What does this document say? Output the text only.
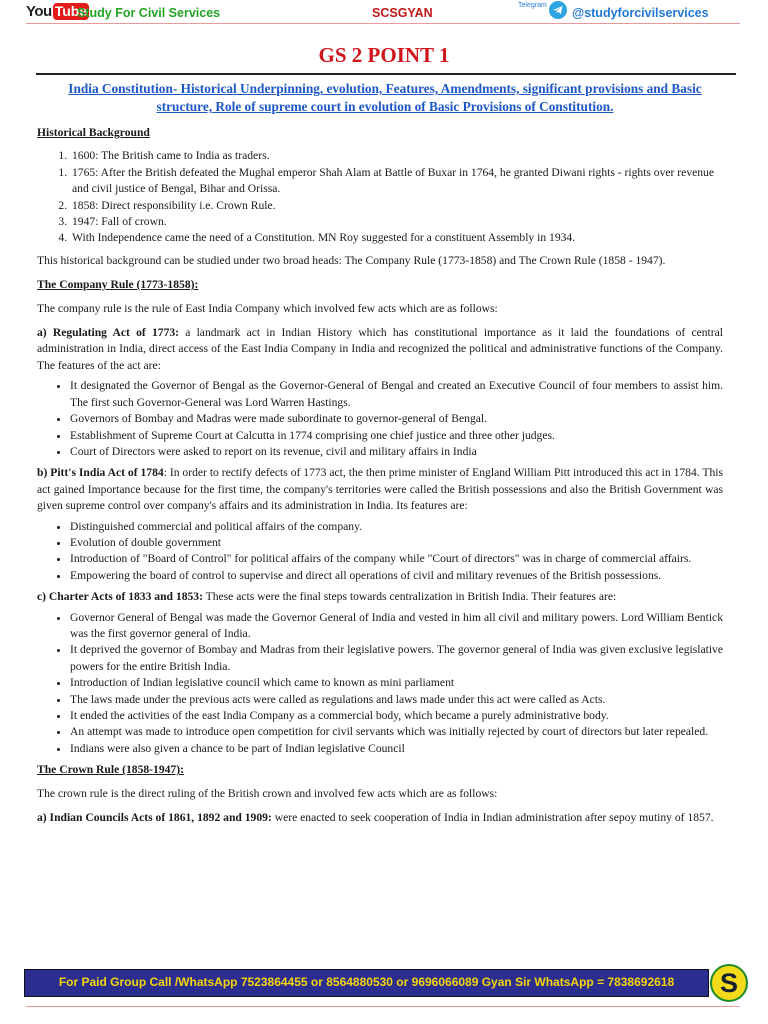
You Tube
Study For Civil Services	SCSGYAN
Telegram
@studyforcivilservices
GS 2 POINT 1
India Constitution- Historical Underpinning, evolution, Features, Amendments, significant provisions and Basic structure, Role of supreme court in evolution of Basic Provisions of Constitution.
Historical Background
1. 1600: The British came to India as traders.
1. 1765: After the British defeated the Mughal emperor Shah Alam at Battle of Buxar in 1764, he granted Diwani rights - rights over revenue and civil justice of Bengal, Bihar and Orissa.
2. 1858: Direct responsibility i.e. Crown Rule.
3. 1947: Fall of crown.
4. With Independence came the need of a Constitution. MN Roy suggested for a constituent Assembly in 1934.

This historical background can be studied under two broad heads: The Company Rule (1773-1858) and The Crown Rule (1858 - 1947).

The Company Rule (1773-1858):

The company rule is the rule of East India Company which involved few acts which are as follows:

a) Regulating Act of 1773: a landmark act in Indian History which has constitutional importance as it laid the foundations of central administration in India, direct access of the East India Company in India and recognized the political and administrative functions of the Company. The features of the act are:

• It designated the Governor of Bengal as the Governor-General of Bengal and created an Executive Council of four members to assist him. The first such Governor-General was Lord Warren Hastings.
• Governors of Bombay and Madras were made subordinate to governor-general of Bengal.
• Establishment of Supreme Court at Calcutta in 1774 comprising one chief justice and three other judges.
• Court of Directors were asked to report on its revenue, civil and military affairs in India

b) Pitt's India Act of 1784: In order to rectify defects of 1773 act, the then prime minister of England William Pitt introduced this act in 1784. This act gained Importance because for the first time, the company's territories were called the British possessions and also the British Government was given supreme control over company's affairs and its administration in India. Its features are:

• Distinguished commercial and political affairs of the company.
• Evolution of double government
• Introduction of "Board of Control" for political affairs of the company while "Court of directors" was in charge of commercial affairs.
• Empowering the board of control to supervise and direct all operations of civil and military revenues of the British possessions.

c) Charter Acts of 1833 and 1853: These acts were the final steps towards centralization in British India. Their features are:

• Governor General of Bengal was made the Governor General of India and vested in him all civil and military powers. Lord William Bentick was the first governor general of India.
• It deprived the governor of Bombay and Madras from their legislative powers. The governor general of India was given exclusive legislative powers for the entire British India.
• Introduction of Indian legislative council which came to known as mini parliament
• The laws made under the previous acts were called as regulations and laws made under this act were called as Acts.
• It ended the activities of the east India Company as a commercial body, which became a purely administrative body.
• An attempt was made to introduce open competition for civil servants which was initially rejected by court of directors but later repealed.
• Indians were also given a chance to be part of Indian legislative Council
The Crown Rule (1858-1947):

The crown rule is the direct ruling of the British crown and involved few acts which are as follows:

a) Indian Councils Acts of 1861, 1892 and 1909: were enacted to seek cooperation of India in Indian administration after sepoy mutiny of 1857.

For Paid Group Call /WhatsApp 7523864455 or 8564880530 or 9696066089 Gyan Sir WhatsApp = 7838692618	S
